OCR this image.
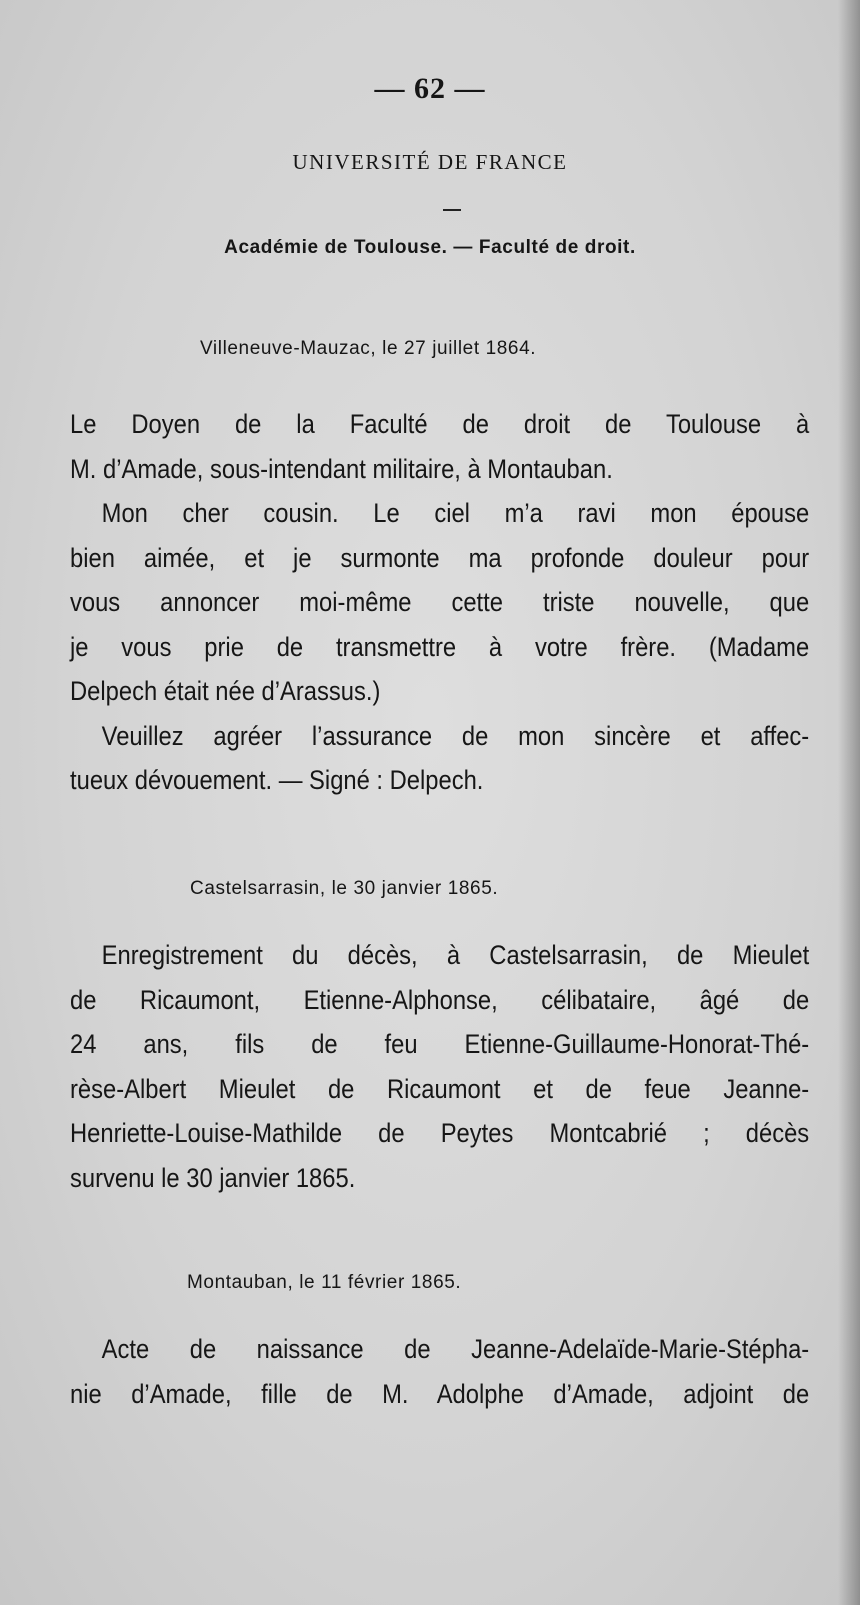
— 62 —
UNIVERSITÉ DE FRANCE
Académie de Toulouse. — Faculté de droit.
Villeneuve-Mauzac, le 27 juillet 1864.
Le Doyen de la Faculté de droit de Toulouse à
M. d’Amade, sous-intendant militaire, à Montauban.
Mon cher cousin. Le ciel m’a ravi mon épouse
bien aimée, et je surmonte ma profonde douleur pour
vous annoncer moi-même cette triste nouvelle, que
je vous prie de transmettre à votre frère. (Madame
Delpech était née d’Arassus.)
Veuillez agréer l’assurance de mon sincère et affec-
tueux dévouement. — Signé : Delpech.
Castelsarrasin, le 30 janvier 1865.
Enregistrement du décès, à Castelsarrasin, de Mieulet
de Ricaumont, Etienne-Alphonse, célibataire, âgé de
24 ans, fils de feu Etienne-Guillaume-Honorat-Thé-
rèse-Albert Mieulet de Ricaumont et de feue Jeanne-
Henriette-Louise-Mathilde de Peytes Montcabrié ; décès
survenu le 30 janvier 1865.
Montauban, le 11 février 1865.
Acte de naissance de Jeanne-Adelaïde-Marie-Stépha-
nie d’Amade, fille de M. Adolphe d’Amade, adjoint de
